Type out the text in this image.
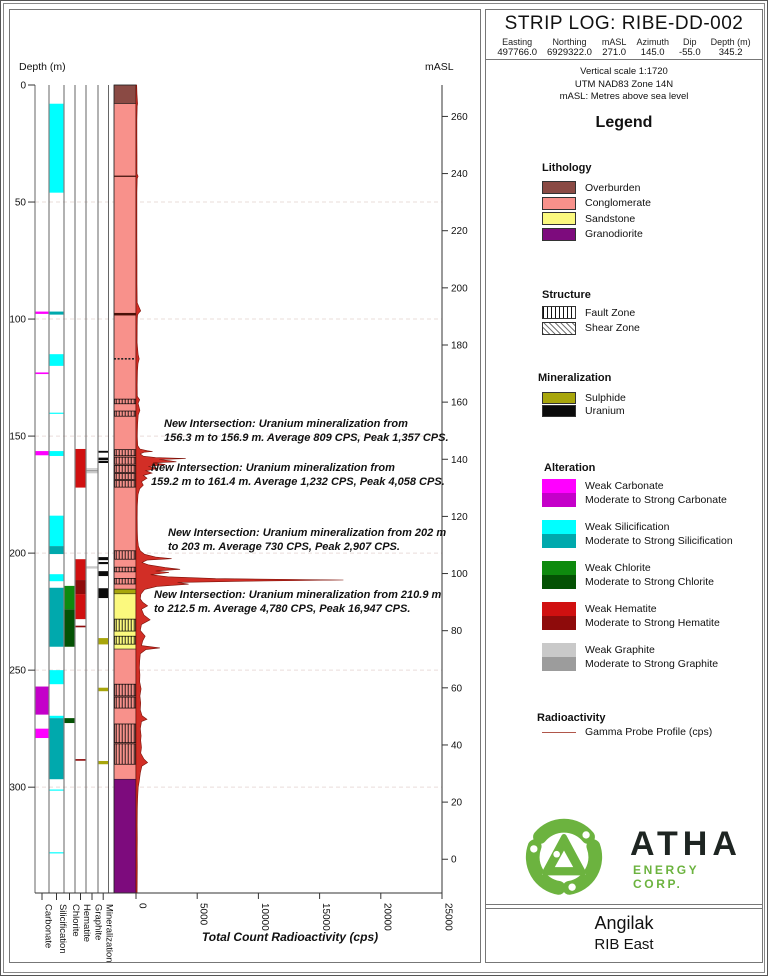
0
50
100
150
200
250
300
260
240
220
200
180
160
140
120
100
80
60
40
20
0
0	5000	10000	15000	20000	25000
Carbonate Silicification Chlorite Hematite Graphite Mineralization
Depth (m)	mASL
Total Count Radioactivity (cps)
New Intersection: Uranium mineralization from
156.3 m to 156.9 m. Average 809 CPS, Peak 1,357 CPS.
New Intersection: Uranium mineralization from
159.2 m to 161.4 m. Average 1,232 CPS, Peak 4,058 CPS.
New Intersection: Uranium mineralization from 202 m
to 203 m. Average 730 CPS, Peak 2,907 CPS.
New Intersection: Uranium mineralization from 210.9 m
to 212.5 m. Average 4,780 CPS, Peak 16,947 CPS.
STRIP LOG: RIBE-DD-002
Easting
497766.0
Northing
6929322.0
mASL
271.0
Azimuth
145.0
Dip
-55.0
Depth (m)
345.2
Vertical scale 1:1720
UTM NAD83 Zone 14N
mASL: Metres above sea level
Legend
Lithology
Overburden
Conglomerate
Sandstone
Granodiorite
Structure
Fault Zone
Shear Zone
Mineralization
Sulphide
Uranium
Alteration
Weak Carbonate
Moderate to Strong Carbonate
Weak Silicification
Moderate to Strong Silicification
Weak Chlorite
Moderate to Strong Chlorite
Weak Hematite
Moderate to Strong Hematite
Weak Graphite
Moderate to Strong Graphite
Radioactivity
Gamma Probe Profile (cps)
ATHA
ENERGY CORP.
Angilak
RIB East
